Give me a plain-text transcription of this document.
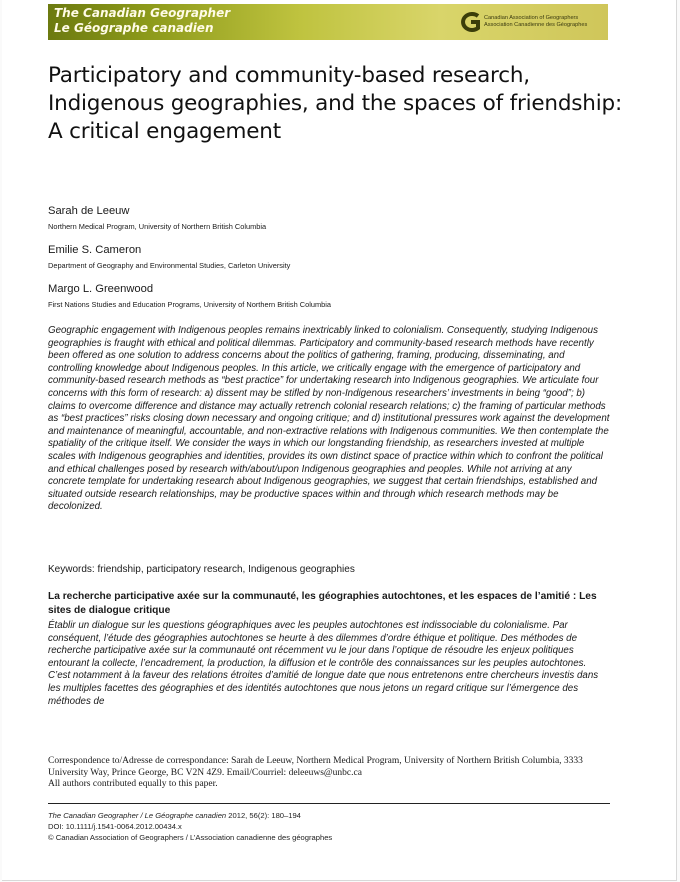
The Canadian Geographer
Le Géographe canadien
Canadian Association of Geographers
Association Canadienne des Géographes
Participatory and community-based research, Indigenous geographies, and the spaces of friendship: A critical engagement
Sarah de Leeuw
Northern Medical Program, University of Northern British Columbia
Emilie S. Cameron
Department of Geography and Environmental Studies, Carleton University
Margo L. Greenwood
First Nations Studies and Education Programs, University of Northern British Columbia

Geographic engagement with Indigenous peoples remains inextricably linked to colonialism. Consequently, studying Indigenous geographies is fraught with ethical and political dilemmas. Participatory and community-based research methods have recently been offered as one solution to address concerns about the politics of gathering, framing, producing, disseminating, and controlling knowledge about Indigenous peoples. In this article, we critically engage with the emergence of participatory and community-based research methods as “best practice” for undertaking research into Indigenous geographies. We articulate four concerns with this form of research: a) dissent may be stifled by non-Indigenous researchers’ investments in being “good”; b) claims to overcome difference and distance may actually retrench colonial research relations; c) the framing of particular methods as “best practices” risks closing down necessary and ongoing critique; and d) institutional pressures work against the development and maintenance of meaningful, accountable, and non-extractive relations with Indigenous communities. We then contemplate the spatiality of the critique itself. We consider the ways in which our longstanding friendship, as researchers invested at multiple scales with Indigenous geographies and identities, provides its own distinct space of practice within which to confront the political and ethical challenges posed by research with/about/upon Indigenous geographies and peoples. While not arriving at any concrete template for undertaking research about Indigenous geographies, we suggest that certain friendships, established and situated outside research relationships, may be productive spaces within and through which research methods may be decolonized.

Keywords: friendship, participatory research, Indigenous geographies
La recherche participative axée sur la communauté, les géographies autochtones, et les espaces de l’amitié : Les sites de dialogue critique

Établir un dialogue sur les questions géographiques avec les peuples autochtones est indissociable du colonialisme. Par conséquent, l’étude des géographies autochtones se heurte à des dilemmes d’ordre éthique et politique. Des méthodes de recherche participative axée sur la communauté ont récemment vu le jour dans l’optique de résoudre les enjeux politiques entourant la collecte, l’encadrement, la production, la diffusion et le contrôle des connaissances sur les peuples autochtones. C’est notamment à la faveur des relations étroites d’amitié de longue date que nous entretenons entre chercheurs investis dans les multiples facettes des géographies et des identités autochtones que nous jetons un regard critique sur l’émergence des méthodes de

Correspondence to/Adresse de correspondance: Sarah de Leeuw, Northern Medical Program, University of Northern British Columbia, 3333 University Way, Prince George, BC V2N 4Z9. Email/Courriel: deleeuws@unbc.ca
All authors contributed equally to this paper.

The Canadian Geographer / Le Géographe canadien 2012, 56(2): 180–194
DOI: 10.1111/j.1541-0064.2012.00434.x
© Canadian Association of Geographers / L’Association canadienne des géographes
